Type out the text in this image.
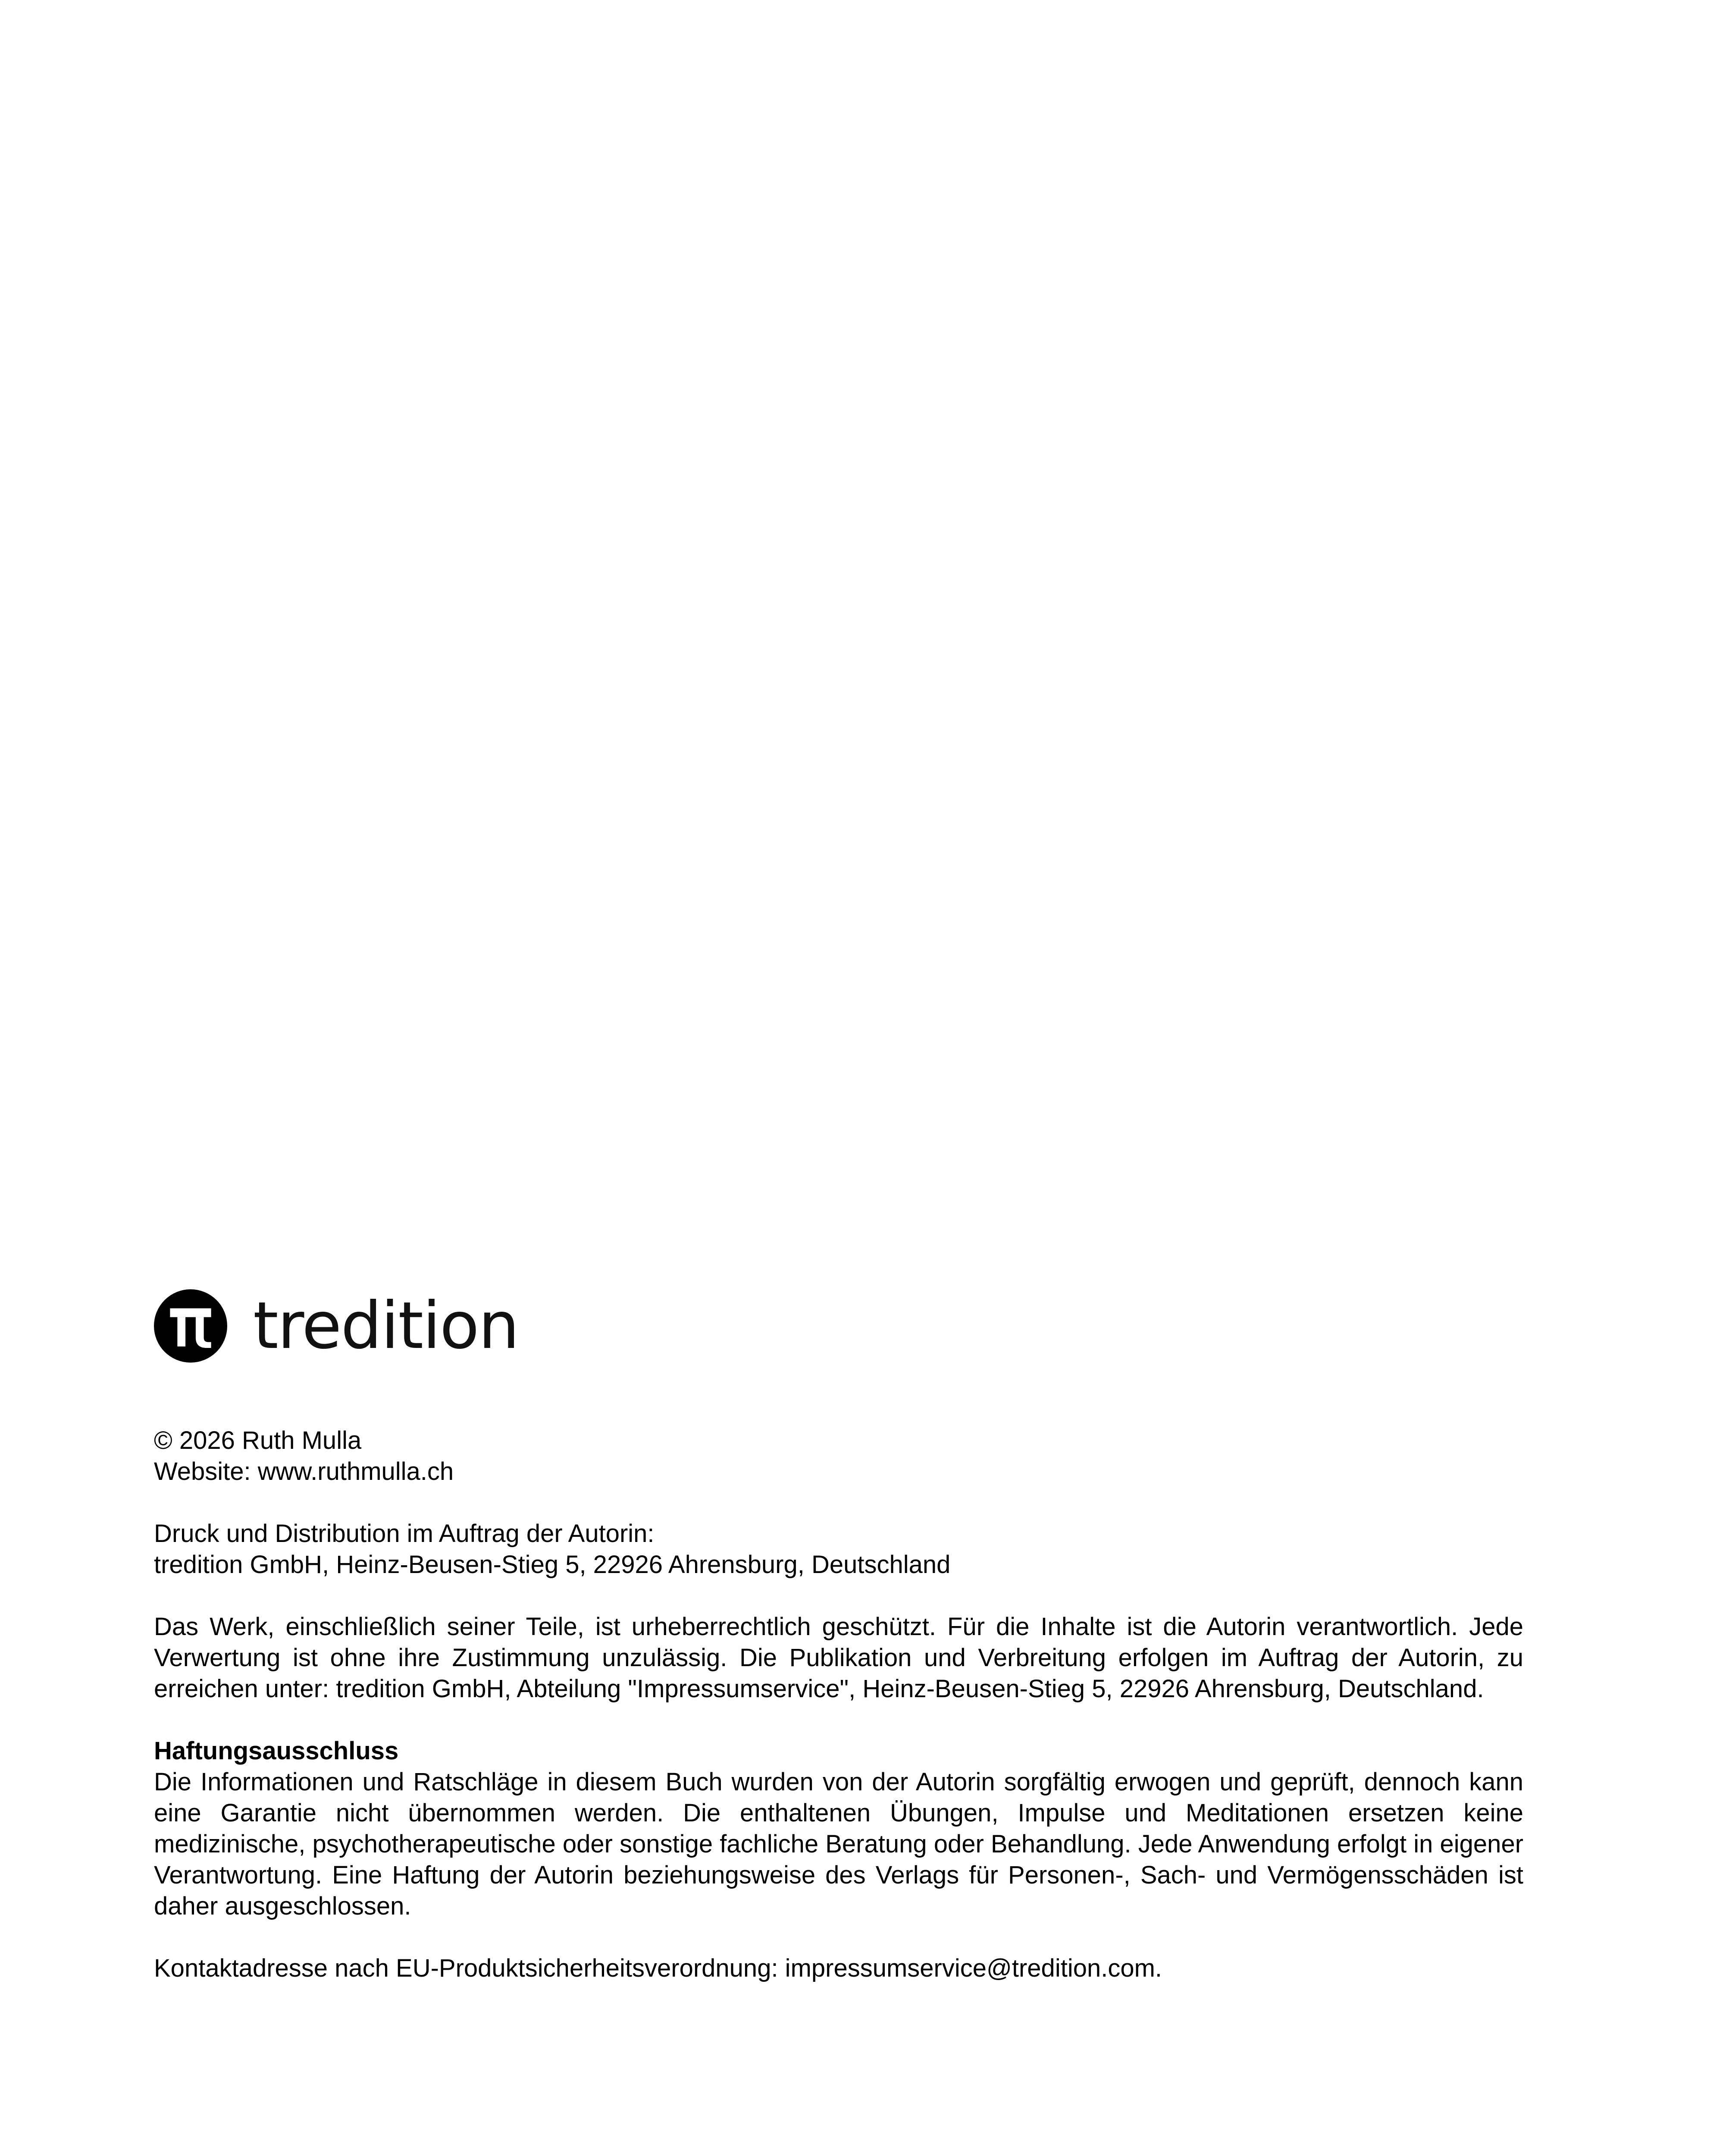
tredition

© 2026 Ruth Mulla

Website: www.ruthmulla.ch

Druck und Distribution im Auftrag der Autorin:

tredition GmbH, Heinz-Beusen-Stieg 5, 22926 Ahrensburg, Deutschland

Das Werk, einschließlich seiner Teile, ist urheberrechtlich geschützt. Für die Inhalte ist die Autorin verantwortlich. Jede Verwertung ist ohne ihre Zustimmung unzulässig. Die Publikation und Verbreitung erfolgen im Auftrag der Autorin, zu erreichen unter: tredition GmbH, Abteilung "Impressumservice", Heinz-Beusen-Stieg 5, 22926 Ahrensburg, Deutschland.

Haftungsausschluss

Die Informationen und Ratschläge in diesem Buch wurden von der Autorin sorgfältig erwogen und geprüft, dennoch kann eine Garantie nicht übernommen werden. Die enthaltenen Übungen, Impulse und Meditationen ersetzen keine medizinische, psychotherapeutische oder sonstige fachliche Beratung oder Behandlung. Jede Anwendung erfolgt in eigener Verantwortung. Eine Haftung der Autorin beziehungsweise des Verlags für Personen-, Sach- und Vermögensschäden ist daher ausgeschlossen.

Kontaktadresse nach EU-Produktsicherheitsverordnung: impressumservice@tredition.com.
